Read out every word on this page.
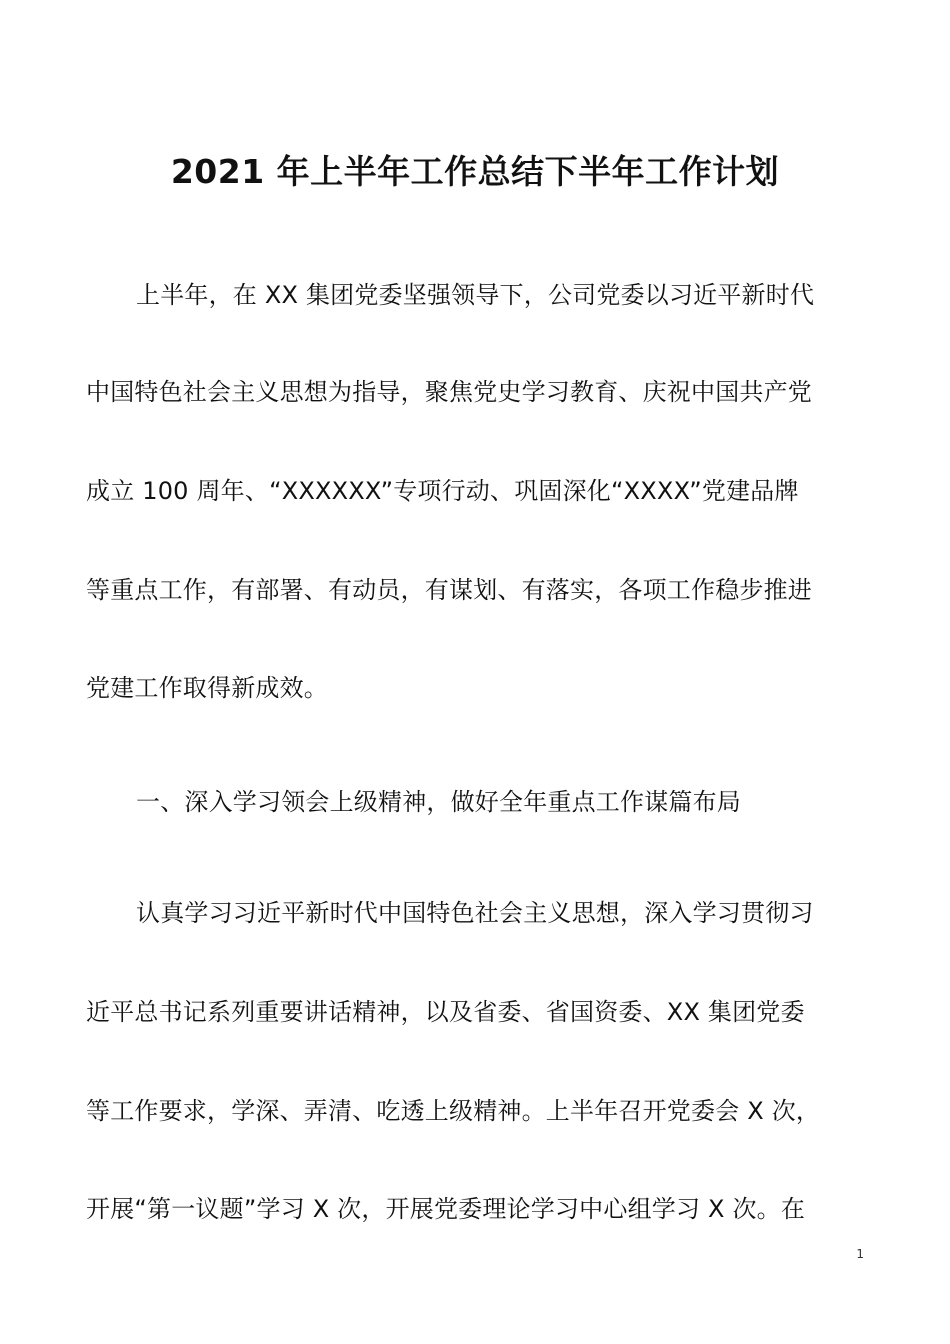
2021 年上半年工作总结下半年工作计划
上半年，在 XX 集团党委坚强领导下，公司党委以习近平新时代
中国特色社会主义思想为指导，聚焦党史学习教育、庆祝中国共产党
成立 100 周年、“XXXXXX”专项行动、巩固深化“XXXX”党建品牌
等重点工作，有部署、有动员，有谋划、有落实，各项工作稳步推进
党建工作取得新成效。
一、深入学习领会上级精神，做好全年重点工作谋篇布局
认真学习习近平新时代中国特色社会主义思想，深入学习贯彻习
近平总书记系列重要讲话精神，以及省委、省国资委、XX 集团党委
等工作要求，学深、弄清、吃透上级精神。上半年召开党委会 X 次，
开展“第一议题”学习 X 次，开展党委理论学习中心组学习 X 次。在
1
